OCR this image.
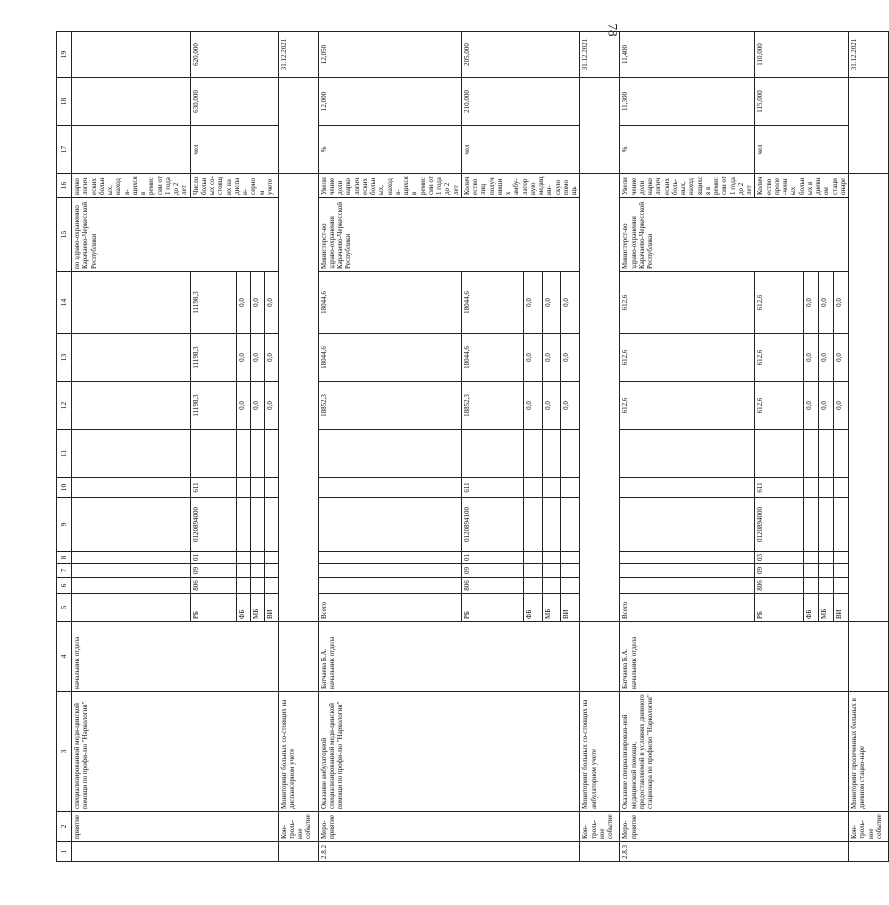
78
1	2	3	4	5	6	7	8	9	10	11	12	13	14	15	16	17	18	19	
	приятие	специализированной меди-цинской помощи по профи-лю "Наркология"	начальник отдела											по здраво-охранению Карачаево-Черкесской Республики	наркологических больных, находя-щихся в ремиссии от 1 года до 2 лет				
				РБ	806	09	01	0120894000	611		11198,3	11198,3	11198,3		Число больных со-стоящих на диспан-серном учете	чел	630,000	620,000	
				ФБ							0,0	0,0	0,0						
				МБ							0,0	0,0	0,0						
				ВИ							0,0	0,0	0,0						
	Кон-троль-ное событие	Мониторинг больных со-стоящих на диспансерном учете																31.12.2021		
2.8.2	Меро-приятие	Оказание амбулаторной специализированной меди-цинской помощи по профи-лю "Наркология"	Батчаева Б.А. начальник отдела	Всего							18852,3	18044,6	18044,6	Министерст-во здраво-охранения Карачаево-Черкесской Республики	Увеличение доли наркологических больных, находя-щихся в ремиссии от 1 года до 2 лет	%	12,000	12,050	
				РБ	806	09	01	0120894100	611		18852,3	18044,6	18044,6		Количество лиц получивших амбу-латорную медицин-скую помощь	чел	210,000	205,000	
				ФБ							0,0	0,0	0,0						
				МБ							0,0	0,0	0,0						
				ВИ							0,0	0,0	0,0						
	Кон-троль-ное событие	Мониторинг больных со-стоящих на амбулаторном учете																31.12.2021		
2.8.3	Меро-приятие	Оказание специализирован-ной медицинской помощи, предоставляемой в условиях дневного стационара по профилю "Наркология"	Батчаева Б.А. начальник отдела	Всего							612,6	612,6	612,6	Министерст-во здраво-охранения Карачаево-Черкесской Республики	Увеличение доли наркологических боль-ных, находящихся в ремиссии от 1 года до 2 лет	%	11,300	11,400	
				РБ	806	09	03	0120894000	611		612,6	612,6	612,6		Количество проле-ченных больных в дневном стационаре	чел	115,000	110,000	
				ФБ							0,0	0,0	0,0						
				МБ							0,0	0,0	0,0						
				ВИ							0,0	0,0	0,0						
	Кон-троль-ное событие	Мониторинг пролеченных больных в дневном стацио-наре																31.12.2021		
